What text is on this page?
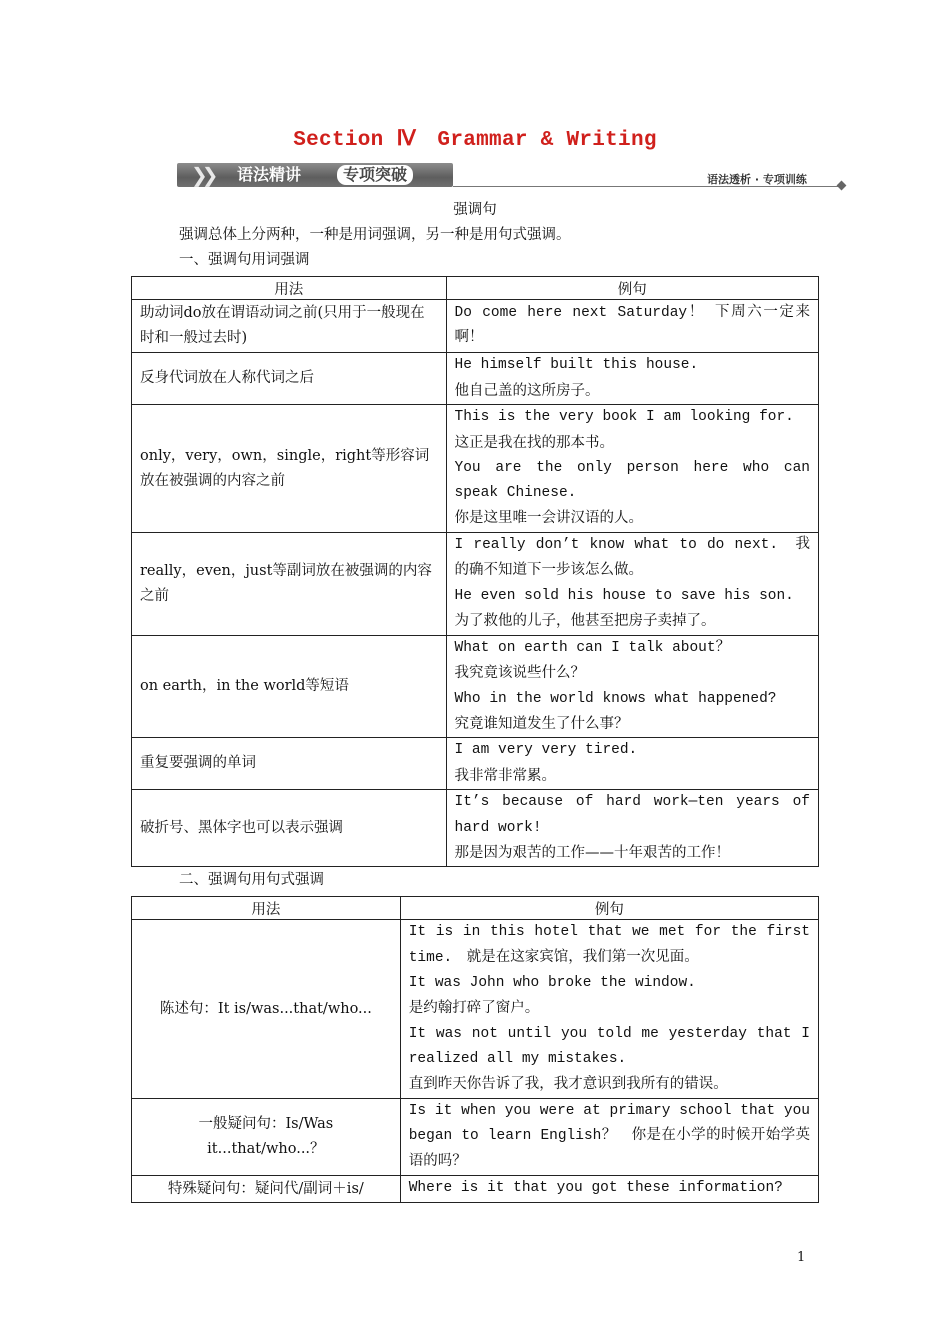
Section Ⅳ　Grammar & Writing
❯❯ 语法精讲	专项突破	语法透析 · 专项训练
强调句
强调总体上分两种，一种是用词强调，另一种是用句式强调。
一、强调句用词强调
用法	例句
助动词do放在谓语动词之前(只用于一般现在时和一般过去时)	Do come here next Saturday！ 下周六一定来啊！

反身代词放在人称代词之后	He himself built this house.
他自己盖的这所房子。

only，very，own，single，right等形容词放在被强调的内容之前	This is the very book I am looking for.
这正是我在找的那本书。
You are the only person here who can speak Chinese.
你是这里唯一会讲汉语的人。

really，even，just等副词放在被强调的内容之前	I really don’t know what to do next.　我的确不知道下一步该怎么做。
He even sold his house to save his son.
为了救他的儿子，他甚至把房子卖掉了。

on earth，in the world等短语	What on earth can I talk about？
我究竟该说些什么？
Who in the world knows what happened?
究竟谁知道发生了什么事？

重复要强调的单词	I am very very tired.
我非常非常累。

破折号、黑体字也可以表示强调	It’s because of hard work—ten years of hard work!
那是因为艰苦的工作——十年艰苦的工作！
二、强调句用句式强调
用法	例句
陈述句：It is/was...that/who...	It is in this hotel that we met for the first time.　就是在这家宾馆，我们第一次见面。
It was John who broke the window.
是约翰打碎了窗户。
It was not until you told me yesterday that I realized all my mistakes.
直到昨天你告诉了我，我才意识到我所有的错误。

一般疑问句：Is/Was it...that/who...？	Is it when you were at primary school that you began to learn English？　你是在小学的时候开始学英语的吗？

特殊疑问句：疑问代/副词＋is/	Where is it that you got these information?
1
